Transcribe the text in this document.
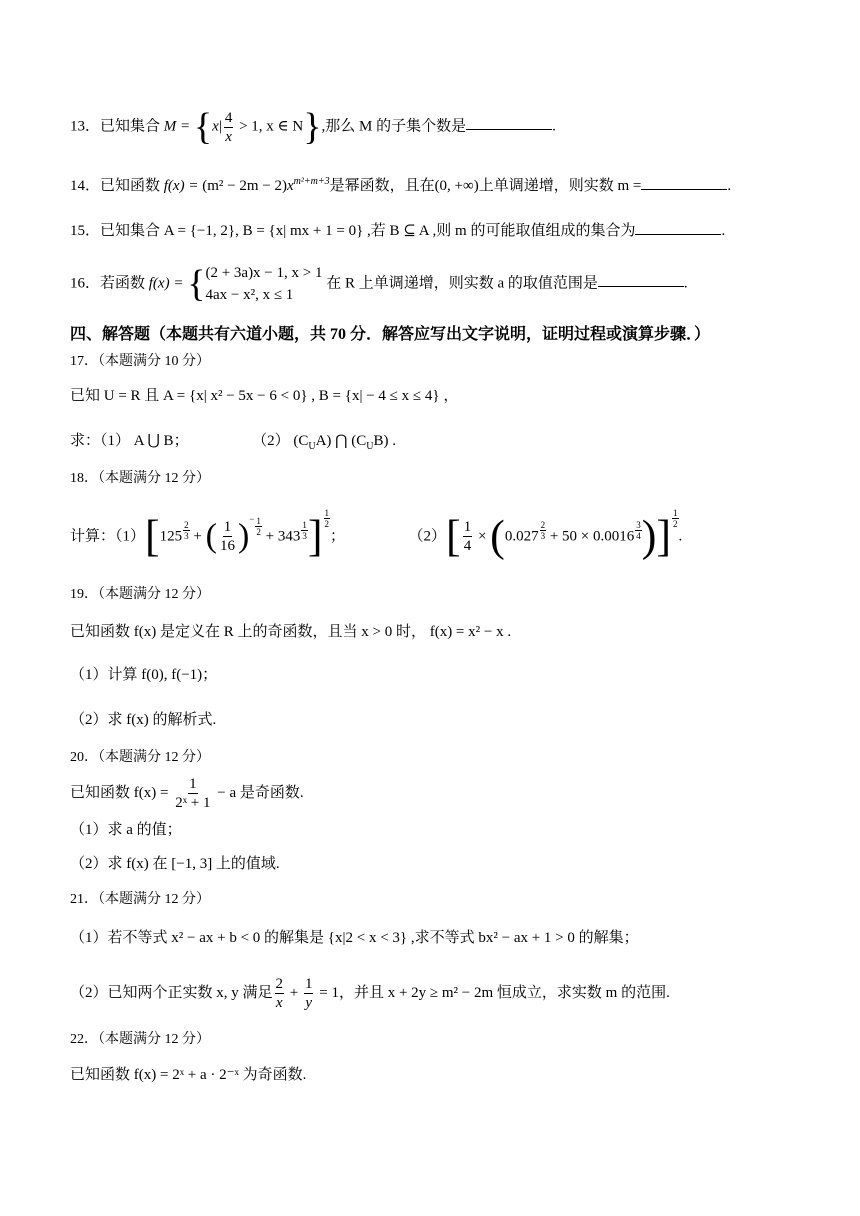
13．已知集合 $M = \{x| \frac{4}{x} > 1$, x ∈ N},那么 M 的子集个数是	.
14．已知函数 $f(x) = (m^2 - 2m - 2)x^{m^2+m+3}$是幂函数，且在(0, +∞)上单调递增，则实数 m =	.
15．已知集合 A = {−1, 2}, B = {x| mx + 1 = 0} ,若 B ⊆ A ,则 m 的可能取值组成的集合为	.
16．若函数 f(x) = { (2 + 3a)x − 1, x > 1
4ax − x², x ≤ 1
在 R 上单调递增，则实数 a 的取值范围是	.
四、解答题（本题共有六道小题，共 70 分．解答应写出文字说明，证明过程或演算步骤．）
17．（本题满分 10 分）
已知 U = R 且 A = {x| x² − 5x − 6 < 0} , B = {x| − 4 ≤ x ≤ 4} ，
求：（1） A ⋃ B；	（2） $(C_UA)$ ⋂ $(C_UB)$ .
18．（本题满分 12 分）
计算：$(1)[125 \frac{2}{3}$ + ( $\frac{1}{16} )^- \frac{1}{2} + 343 \frac{1}{3}$ ] $\frac{1}{2}$
；	$(2)[ \frac{1}{4} \times (0.027 \frac{2}{3} + 50 \times 0.0016 \frac{3}{4}$ )] $\frac{1}{2}$
.
19．（本题满分 12 分）
已知函数 f(x) 是定义在 R 上的奇函数，且当 x > 0 时， f(x) = x² − x .
（1）计算 f(0), f(−1)；
（2）求 f(x) 的解析式.
20．（本题满分 12 分）
已知函数 $f(x) = \frac{1}{\text{2ˣ + 1}} - a$ 是奇函数.
（1）求 a 的值；
（2）求 f(x) 在 [−1, 3] 上的值域.
21．（本题满分 12 分）
（1）若不等式 x² − ax + b < 0 的解集是 {x|2 < x < 3} ,求不等式 bx² − ax + 1 > 0 的解集；
（2）已知两个正实数 x, y 满足 $\frac{2}{x} + \frac{1}{y} = 1$，并且 x + 2y ≥ m² − 2m 恒成立，求实数 m 的范围.
22．（本题满分 12 分）
已知函数 f(x) = 2ˣ + a · 2⁻ˣ 为奇函数.
